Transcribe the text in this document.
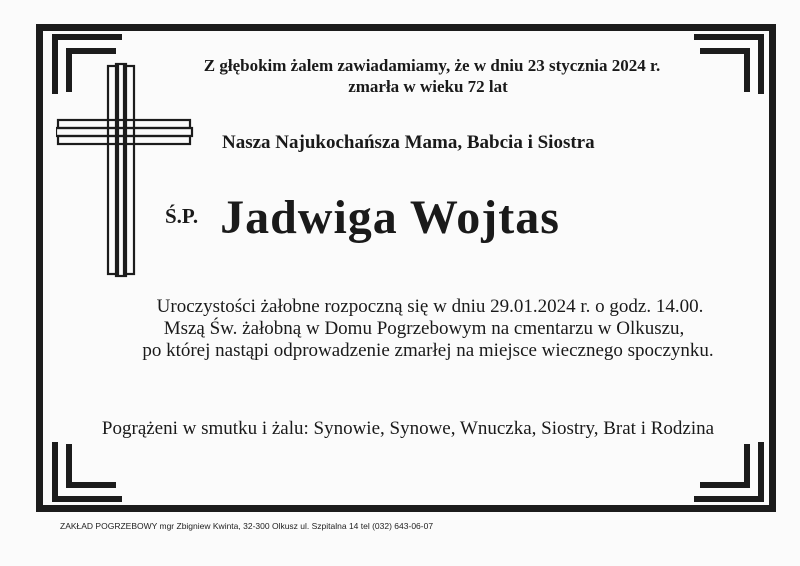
Z głębokim żalem zawiadamiamy, że w dniu 23 stycznia 2024 r.
zmarła w wieku 72 lat
Nasza Najukochańsza Mama, Babcia i Siostra
Ś.P. Jadwiga Wojtas
Uroczystości żałobne rozpoczną się w dniu 29.01.2024 r. o godz. 14.00.
Mszą Św. żałobną w Domu Pogrzebowym na cmentarzu w Olkuszu,
po której nastąpi odprowadzenie zmarłej na miejsce wiecznego spoczynku.
Pogrążeni w smutku i żalu: Synowie, Synowe, Wnuczka, Siostry, Brat i Rodzina
ZAKŁAD POGRZEBOWY mgr Zbigniew Kwinta, 32-300 Olkusz ul. Szpitalna 14 tel (032) 643-06-07
